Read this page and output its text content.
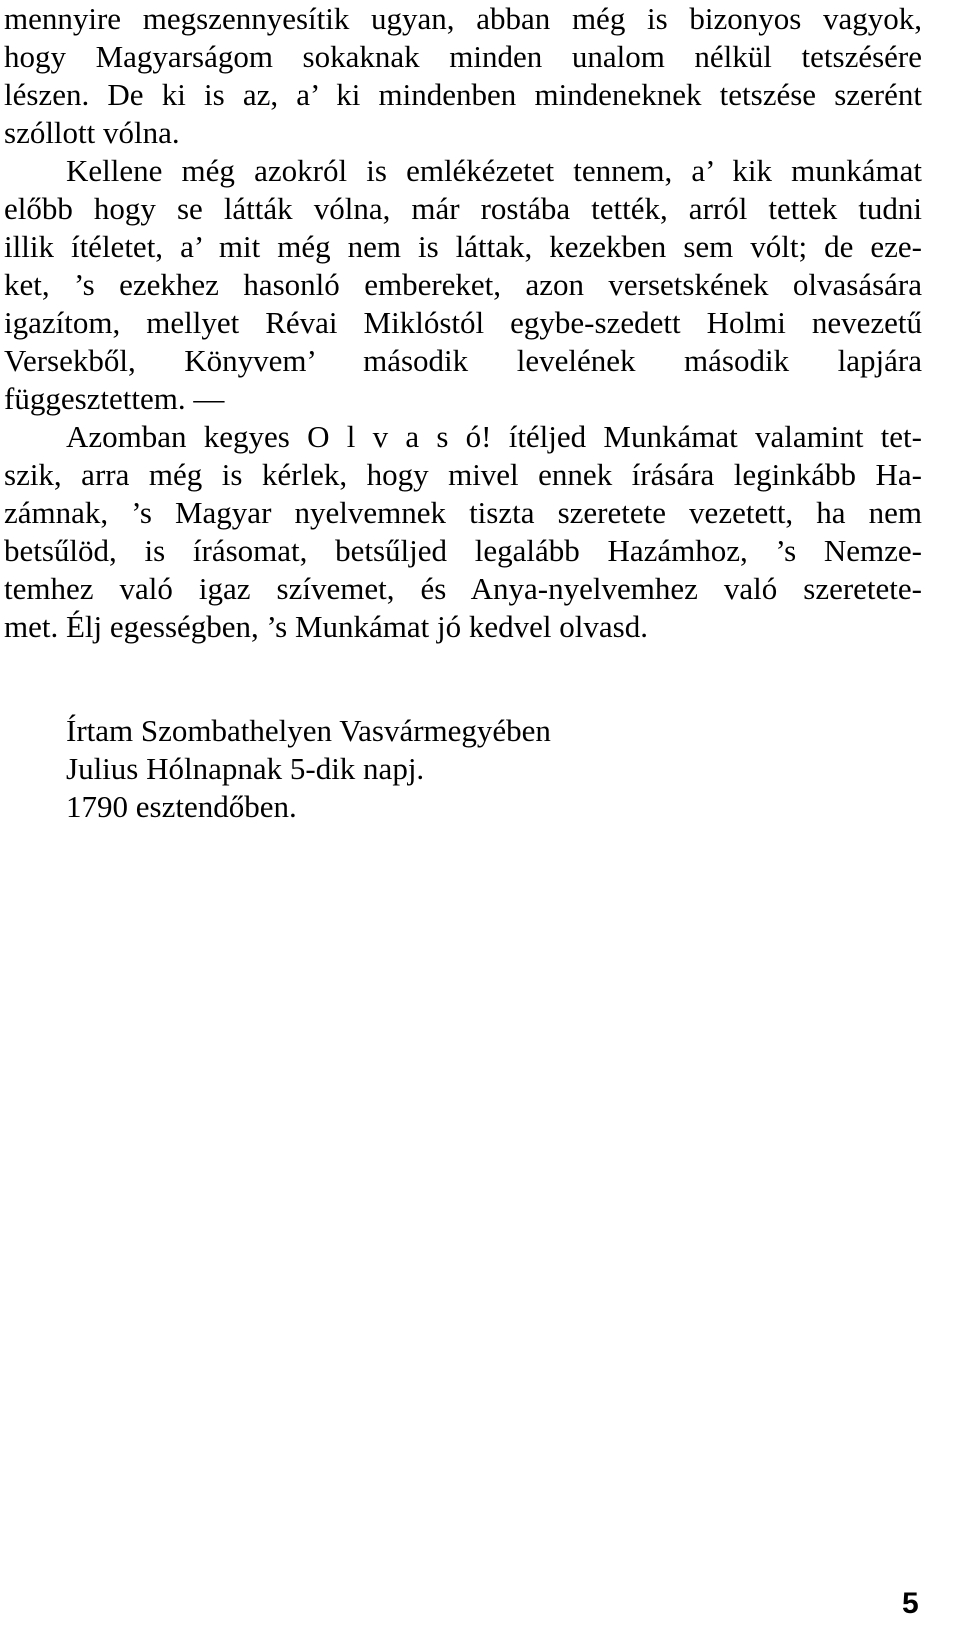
mennyire megszennyesítik ugyan, abban még is bizonyos vagyok,
hogy Magyarságom sokaknak minden unalom nélkül tetszésére
lészen. De ki is az, a’ ki mindenben mindeneknek tetszése szerént
szóllott vólna.
Kellene még azokról is emlékézetet tennem, a’ kik munkámat
előbb hogy se látták vólna, már rostába tették, arról tettek tudni
illik ítéletet, a’ mit még nem is láttak, kezekben sem vólt; de eze-
ket, ’s ezekhez hasonló embereket, azon versetskének olvasására
igazítom, mellyet Révai Miklóstól egybe-szedett Holmi nevezetű
Versekből, Könyvem’ második levelének második lapjára
függesztettem. —
Azomban kegyes O l v a s ó! ítéljed Munkámat valamint tet-
szik, arra még is kérlek, hogy mivel ennek írására leginkább Ha-
zámnak, ’s Magyar nyelvemnek tiszta szeretete vezetett, ha nem
betsűlöd, is írásomat, betsűljed legalább Hazámhoz, ’s Nemze-
temhez való igaz szívemet, és Anya-nyelvemhez való szeretete-
met. Élj egességben, ’s Munkámat jó kedvel olvasd.
Írtam Szombathelyen Vasvármegyében
Julius Hólnapnak 5-dik napj.
1790 esztendőben.
5
